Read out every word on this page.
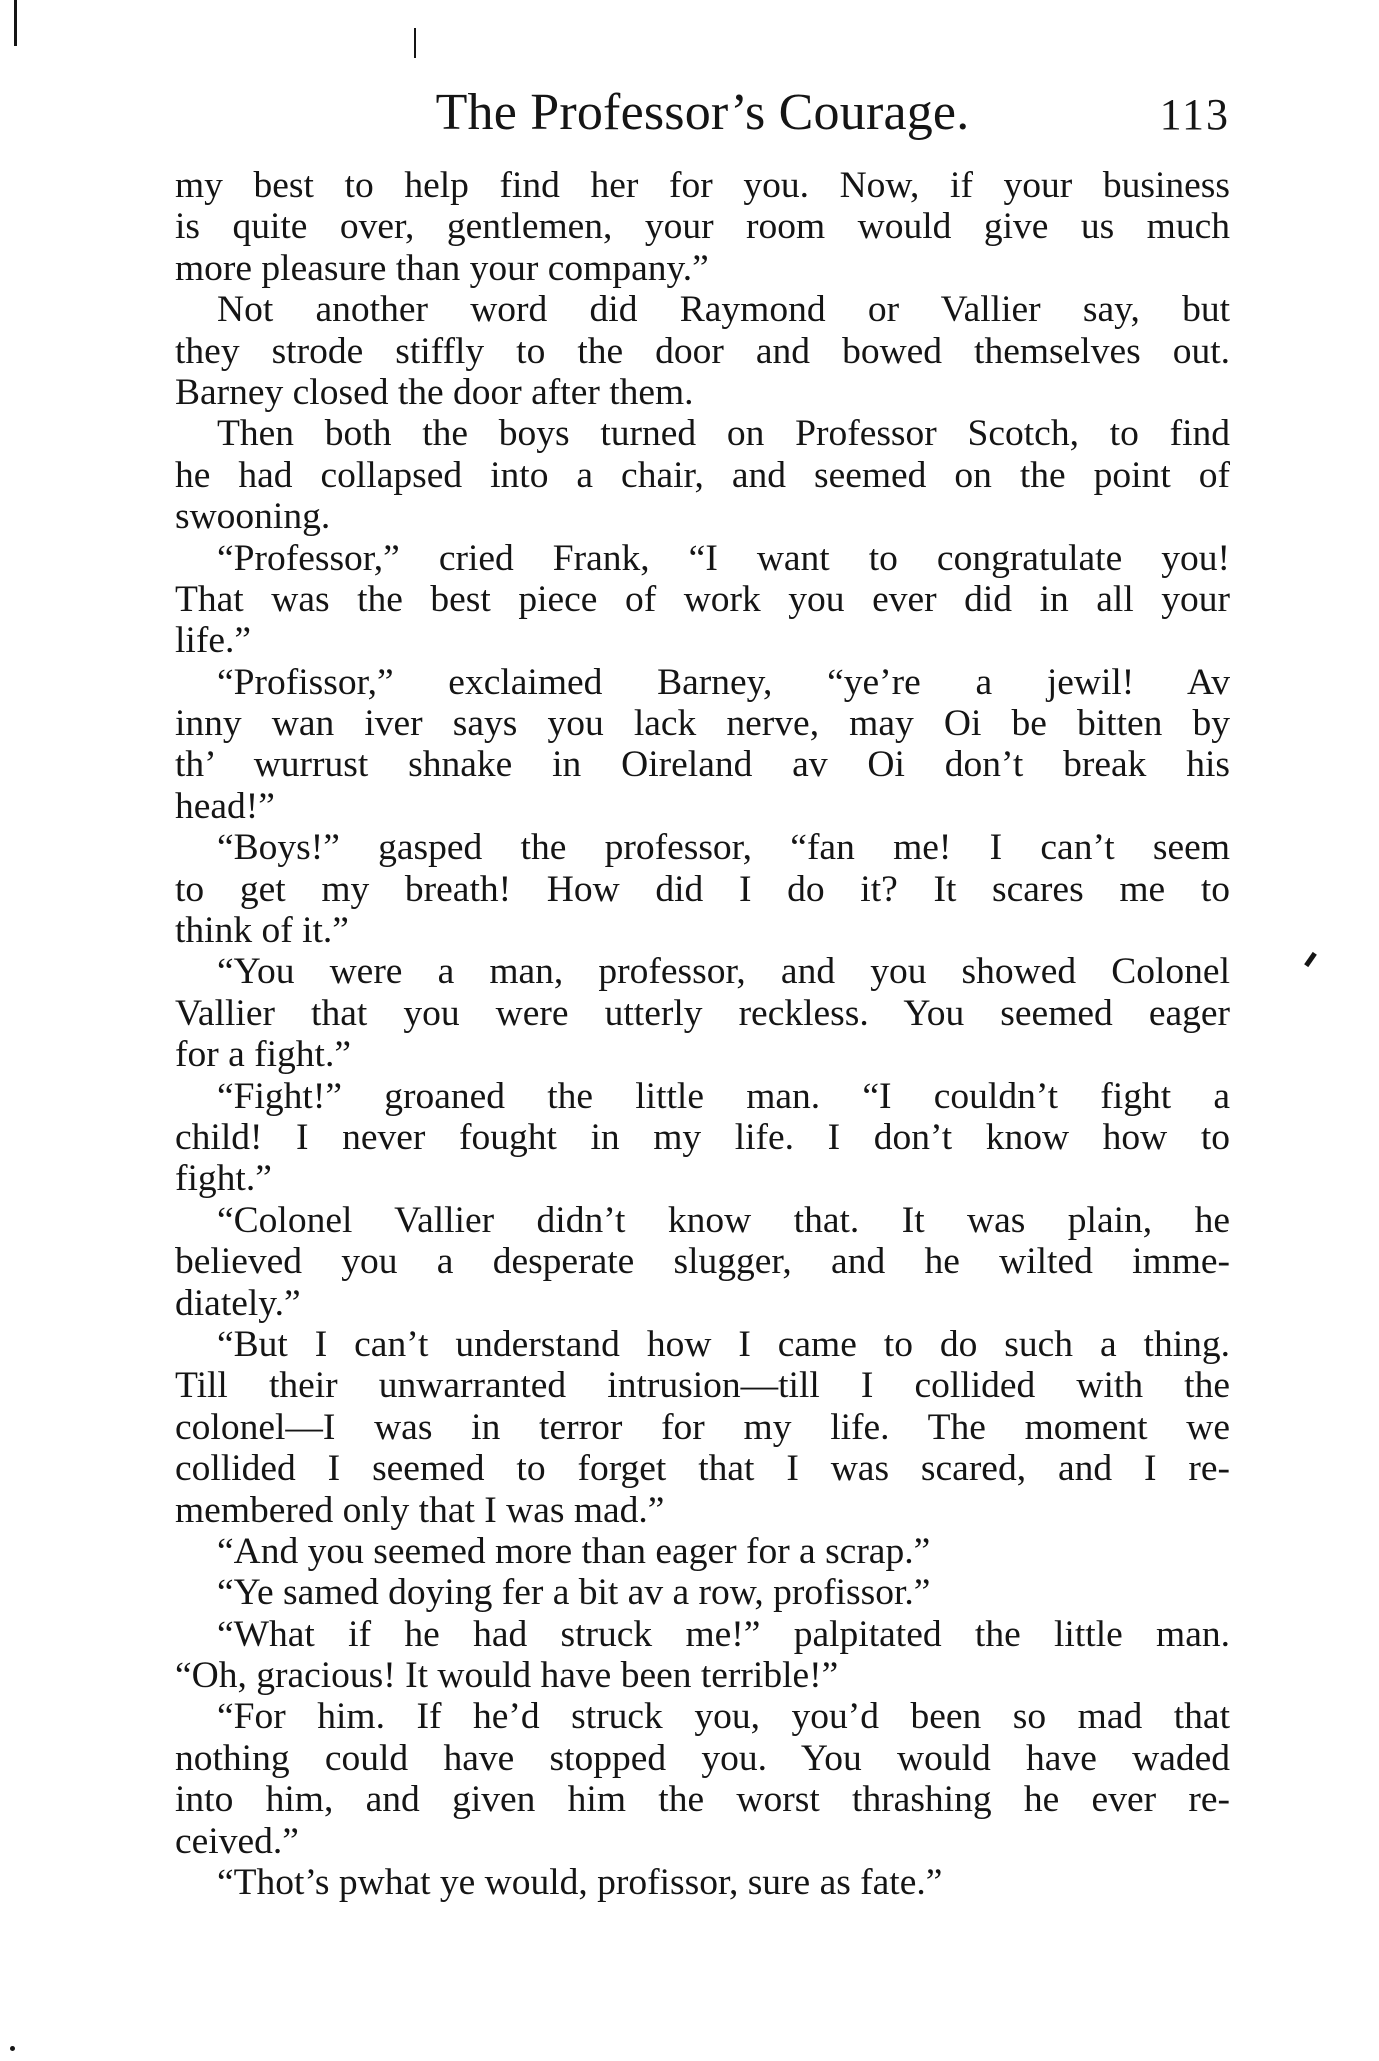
The Professor’s Courage.	113
my best to help find her for you. Now, if your business
is quite over, gentlemen, your room would give us much
more pleasure than your company.”
Not another word did Raymond or Vallier say, but
they strode stiffly to the door and bowed themselves out.
Barney closed the door after them.
Then both the boys turned on Professor Scotch, to find
he had collapsed into a chair, and seemed on the point of
swooning.
“Professor,” cried Frank, “I want to congratulate you!
That was the best piece of work you ever did in all your
life.”
“Profissor,” exclaimed Barney, “ye’re a jewil! Av
inny wan iver says you lack nerve, may Oi be bitten by
th’ wurrust shnake in Oireland av Oi don’t break his
head!”
“Boys!” gasped the professor, “fan me! I can’t seem
to get my breath! How did I do it? It scares me to
think of it.”
“You were a man, professor, and you showed Colonel
Vallier that you were utterly reckless. You seemed eager
for a fight.”
“Fight!” groaned the little man. “I couldn’t fight a
child! I never fought in my life. I don’t know how to
fight.”
“Colonel Vallier didn’t know that. It was plain, he
believed you a desperate slugger, and he wilted imme-
diately.”
“But I can’t understand how I came to do such a thing.
Till their unwarranted intrusion—till I collided with the
colonel—I was in terror for my life. The moment we
collided I seemed to forget that I was scared, and I re-
membered only that I was mad.”
“And you seemed more than eager for a scrap.”
“Ye samed doying fer a bit av a row, profissor.”
“What if he had struck me!” palpitated the little man.
“Oh, gracious! It would have been terrible!”
“For him. If he’d struck you, you’d been so mad that
nothing could have stopped you. You would have waded
into him, and given him the worst thrashing he ever re-
ceived.”
“Thot’s pwhat ye would, profissor, sure as fate.”
